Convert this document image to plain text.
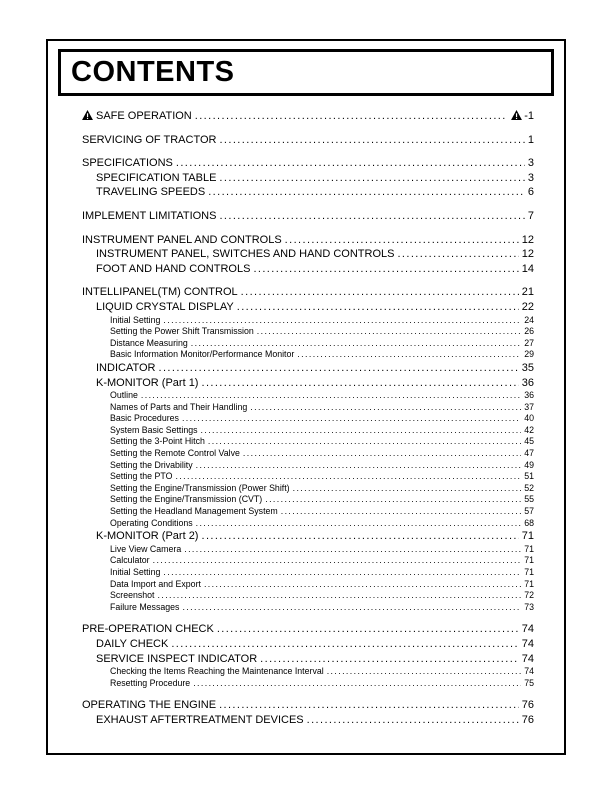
CONTENTS
SAFE OPERATION .....	-1
SERVICING OF TRACTOR .....	1
SPECIFICATIONS .....	3
SPECIFICATION TABLE .....	3
TRAVELING SPEEDS .....	6
IMPLEMENT LIMITATIONS .....	7
INSTRUMENT PANEL AND CONTROLS .....	12
INSTRUMENT PANEL, SWITCHES AND HAND CONTROLS .....	12
FOOT AND HAND CONTROLS .....	14
INTELLIPANEL(TM) CONTROL .....	21
LIQUID CRYSTAL DISPLAY .....	22
Initial Setting .....	24
Setting the Power Shift Transmission .....	26
Distance Measuring .....	27
Basic Information Monitor/Performance Monitor .....	29
INDICATOR .....	35
K-MONITOR (Part 1) .....	36
Outline .....	36
Names of Parts and Their Handling .....	37
Basic Procedures .....	40
System Basic Settings .....	42
Setting the 3-Point Hitch .....	45
Setting the Remote Control Valve .....	47
Setting the Drivability .....	49
Setting the PTO .....	51
Setting the Engine/Transmission (Power Shift) .....	52
Setting the Engine/Transmission (CVT) .....	55
Setting the Headland Management System .....	57
Operating Conditions .....	68
K-MONITOR (Part 2) .....	71
Live View Camera .....	71
Calculator .....	71
Initial Setting .....	71
Data Import and Export .....	71
Screenshot .....	72
Failure Messages .....	73
PRE-OPERATION CHECK .....	74
DAILY CHECK .....	74
SERVICE INSPECT INDICATOR .....	74
Checking the Items Reaching the Maintenance Interval .....	74
Resetting Procedure .....	75
OPERATING THE ENGINE .....	76
EXHAUST AFTERTREATMENT DEVICES .....	76
